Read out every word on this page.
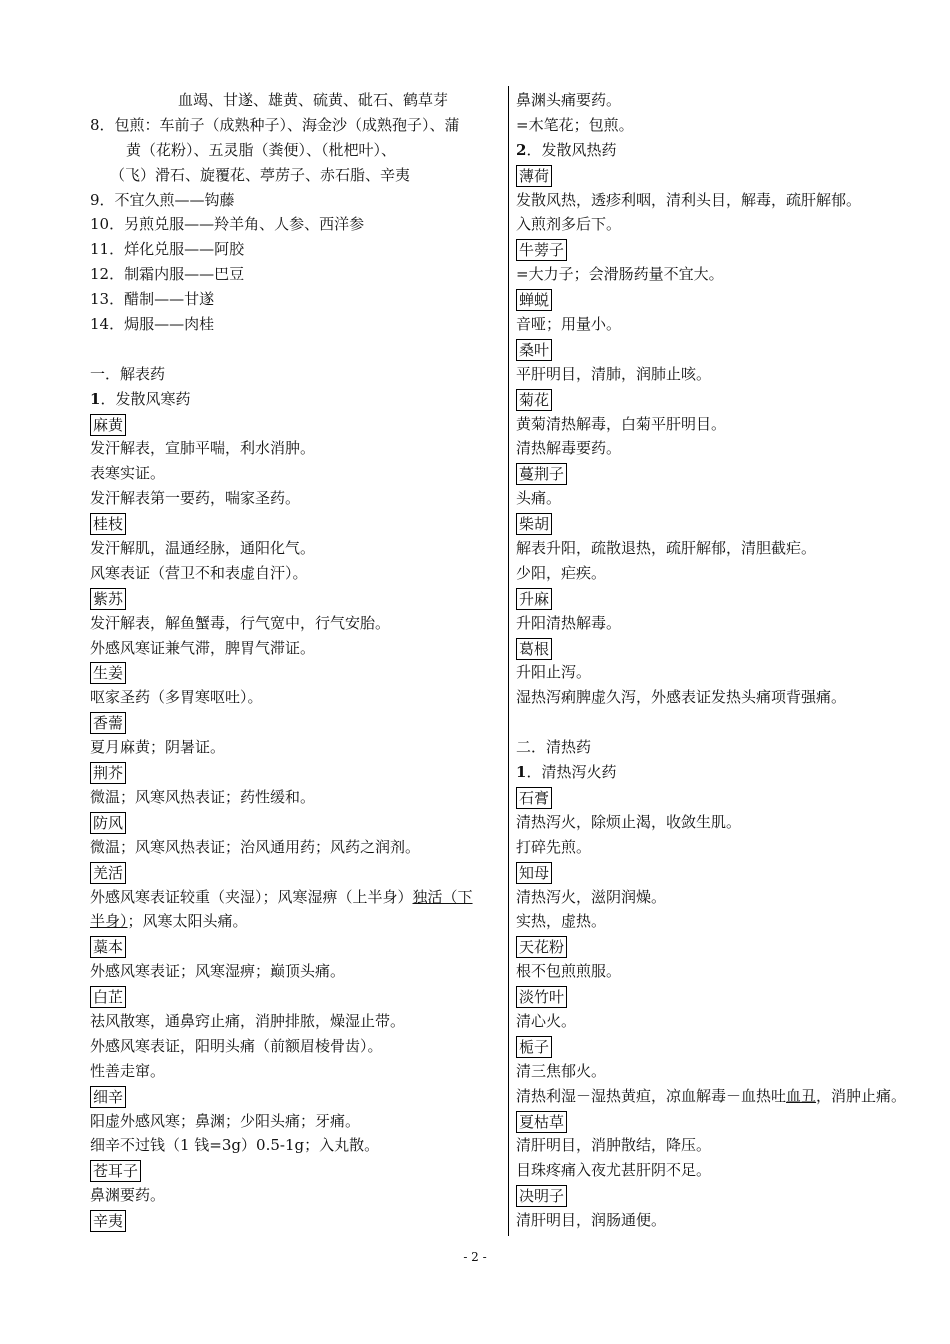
血竭、甘遂、雄黄、硫黄、砒石、鹤草芽
8．包煎：车前子（成熟种子）、海金沙（成熟孢子）、蒲
黄（花粉）、五灵脂（粪便）、（枇杷叶）、
（飞）滑石、旋覆花、葶苈子、赤石脂、辛夷
9．不宜久煎——钩藤
10．另煎兑服——羚羊角、人参、西洋参
11．烊化兑服——阿胶
12．制霜内服——巴豆
13．醋制——甘遂
14．焗服——肉桂
一．解表药
1．发散风寒药
麻黄
发汗解表，宣肺平喘，利水消肿。
表寒实证。
发汗解表第一要药，喘家圣药。
桂枝
发汗解肌，温通经脉，通阳化气。
风寒表证（营卫不和表虚自汗）。
紫苏
发汗解表，解鱼蟹毒，行气宽中，行气安胎。
外感风寒证兼气滞，脾胃气滞证。
生姜
呕家圣药（多胃寒呕吐）。
香薷
夏月麻黄；阴暑证。
荆芥
微温；风寒风热表证；药性缓和。
防风
微温；风寒风热表证；治风通用药；风药之润剂。
羌活
外感风寒表证较重（夹湿）；风寒湿痹（上半身）独活（下
半身）；风寒太阳头痛。
藁本
外感风寒表证；风寒湿痹；巅顶头痛。
白芷
祛风散寒，通鼻窍止痛，消肿排脓，燥湿止带。
外感风寒表证，阳明头痛（前额眉棱骨齿）。
性善走窜。
细辛
阳虚外感风寒；鼻渊；少阳头痛；牙痛。
细辛不过钱（1 钱=3g）0.5-1g；入丸散。
苍耳子
鼻渊要药。
辛夷
鼻渊头痛要药。
=木笔花；包煎。
2．发散风热药
薄荷
发散风热，透疹利咽，清利头目，解毒，疏肝解郁。
入煎剂多后下。
牛蒡子
=大力子；会滑肠药量不宜大。
蝉蜕
音哑；用量小。
桑叶
平肝明目，清肺，润肺止咳。
菊花
黄菊清热解毒，白菊平肝明目。
清热解毒要药。
蔓荆子
头痛。
柴胡
解表升阳，疏散退热，疏肝解郁，清胆截疟。
少阳，疟疾。
升麻
升阳清热解毒。
葛根
升阳止泻。
湿热泻痢脾虚久泻，外感表证发热头痛项背强痛。
二．清热药
1．清热泻火药
石膏
清热泻火，除烦止渴，收敛生肌。
打碎先煎。
知母
清热泻火，滋阴润燥。
实热，虚热。
天花粉
根不包煎煎服。
淡竹叶
清心火。
栀子
清三焦郁火。
清热利湿－湿热黄疸，凉血解毒－血热吐血丑，消肿止痛。
夏枯草
清肝明目，消肿散结，降压。
目珠疼痛入夜尤甚肝阴不足。
决明子
清肝明目，润肠通便。
- 2 -
